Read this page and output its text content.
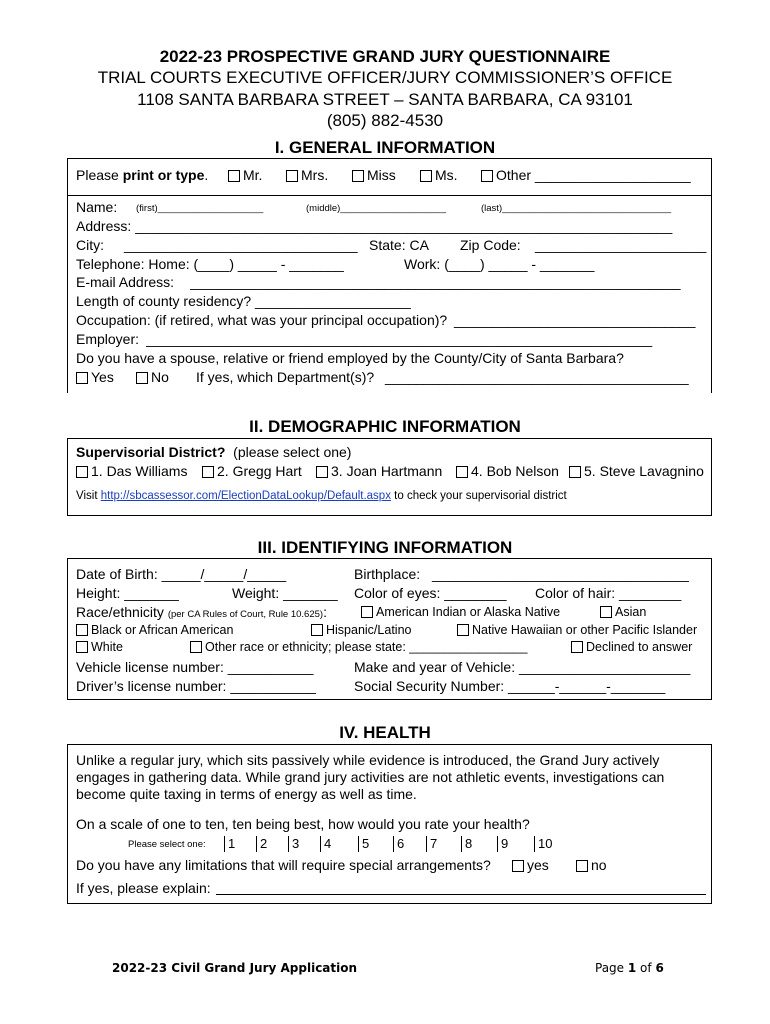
2022-23 PROSPECTIVE GRAND JURY QUESTIONNAIRE
TRIAL COURTS EXECUTIVE OFFICER/JURY COMMISSIONER’S OFFICE
1108 SANTA BARBARA STREET – SANTA BARBARA, CA 93101
(805) 882-4530
I. GENERAL INFORMATION
Please print or type.	Mr.	Mrs.	Miss	Ms.	Other ____________________
Name: (first)____________________	(middle)____________________	(last)________________________________
Address: _____________________________________________________________________
City: ______________________________ State: CA Zip Code: ______________________
Telephone: Home: (____) _____ - _______	Work: (____) _____ - _______
E-mail Address: _______________________________________________________________
Length of county residency? ____________________
Occupation: (if retired, what was your principal occupation)? _______________________________
Employer: _________________________________________________________________
Do you have a spouse, relative or friend employed by the County/City of Santa Barbara?
Yes	No If yes, which Department(s)? _______________________________________
II. DEMOGRAPHIC INFORMATION
Supervisorial District? (please select one)
1. Das Williams	2. Gregg Hart	3. Joan Hartmann	4. Bob Nelson	5. Steve Lavagnino
Visit http://sbcassessor.com/ElectionDataLookup/Default.aspx to check your supervisorial district
III. IDENTIFYING INFORMATION
Date of Birth: _____/_____/_____	Birthplace: _________________________________
Height: _______	Weight: _______ Color of eyes: ________ Color of hair: ________
Race/ethnicity (per CA Rules of Court, Rule 10.625):	American Indian or Alaska Native	Asian
Black or African American	Hispanic/Latino	Native Hawaiian or other Pacific Islander
White	Other race or ethnicity; please state: _________________	Declined to answer
Vehicle license number: ___________	Make and year of Vehicle: ______________________
Driver’s license number: ___________	Social Security Number: ______-______-_______
IV. HEALTH
Unlike a regular jury, which sits passively while evidence is introduced, the Grand Jury actively
engages in gathering data. While grand jury activities are not athletic events, investigations can
become quite taxing in terms of energy as well as time.
On a scale of one to ten, ten being best, how would you rate your health?
Please select one: 1 2 3 4 5 6 7 8 9 10
Do you have any limitations that will require special arrangements?	yes	no
If yes, please explain:
2022-23 Civil Grand Jury Application	Page 1 of 6
